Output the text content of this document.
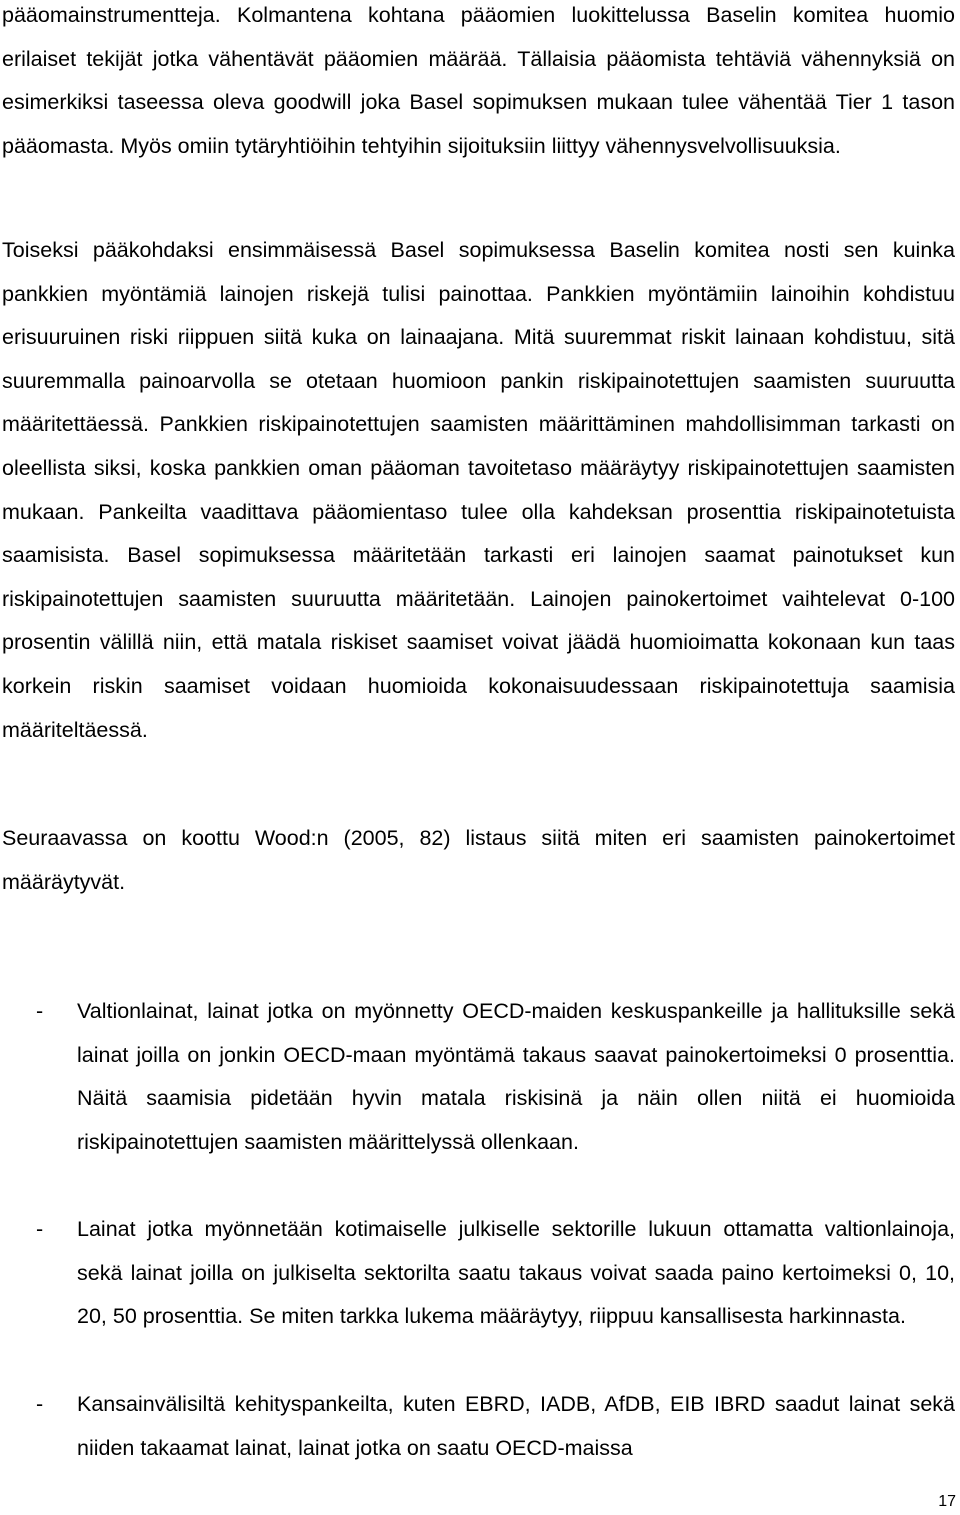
pääomainstrumentteja. Kolmantena kohtana pääomien luokittelussa Baselin komitea huomio erilaiset tekijät jotka vähentävät pääomien määrää. Tällaisia pääomista tehtäviä vähennyksiä on esimerkiksi taseessa oleva goodwill joka Basel sopimuksen mukaan tulee vähentää Tier 1 tason pääomasta. Myös omiin tytäryhtiöihin tehtyihin sijoituksiin liittyy vähennysvelvollisuuksia.

Toiseksi pääkohdaksi ensimmäisessä Basel sopimuksessa Baselin komitea nosti sen kuinka pankkien myöntämiä lainojen riskejä tulisi painottaa. Pankkien myöntämiin lainoihin kohdistuu erisuuruinen riski riippuen siitä kuka on lainaajana. Mitä suuremmat riskit lainaan kohdistuu, sitä suuremmalla painoarvolla se otetaan huomioon pankin riskipainotettujen saamisten suuruutta määritettäessä. Pankkien riskipainotettujen saamisten määrittäminen mahdollisimman tarkasti on oleellista siksi, koska pankkien oman pääoman tavoitetaso määräytyy riskipainotettujen saamisten mukaan. Pankeilta vaadittava pääomientaso tulee olla kahdeksan prosenttia riskipainotetuista saamisista. Basel sopimuksessa määritetään tarkasti eri lainojen saamat painotukset kun riskipainotettujen saamisten suuruutta määritetään. Lainojen painokertoimet vaihtelevat 0-100 prosentin välillä niin, että matala riskiset saamiset voivat jäädä huomioimatta kokonaan kun taas korkein riskin saamiset voidaan huomioida kokonaisuudessaan riskipainotettuja saamisia määriteltäessä.

Seuraavassa on koottu Wood:n (2005, 82) listaus siitä miten eri saamisten painokertoimet määräytyvät.

- Valtionlainat, lainat jotka on myönnetty OECD-maiden keskuspankeille ja hallituksille sekä lainat joilla on jonkin OECD-maan myöntämä takaus saavat painokertoimeksi 0 prosenttia. Näitä saamisia pidetään hyvin matala riskisinä ja näin ollen niitä ei huomioida riskipainotettujen saamisten määrittelyssä ollenkaan.

- Lainat jotka myönnetään kotimaiselle julkiselle sektorille lukuun ottamatta valtionlainoja, sekä lainat joilla on julkiselta sektorilta saatu takaus voivat saada paino kertoimeksi 0, 10, 20, 50 prosenttia. Se miten tarkka lukema määräytyy, riippuu kansallisesta harkinnasta.

- Kansainvälisiltä kehityspankeilta, kuten EBRD, IADB, AfDB, EIB IBRD saadut lainat sekä niiden takaamat lainat, lainat jotka on saatu OECD-maissa

17
